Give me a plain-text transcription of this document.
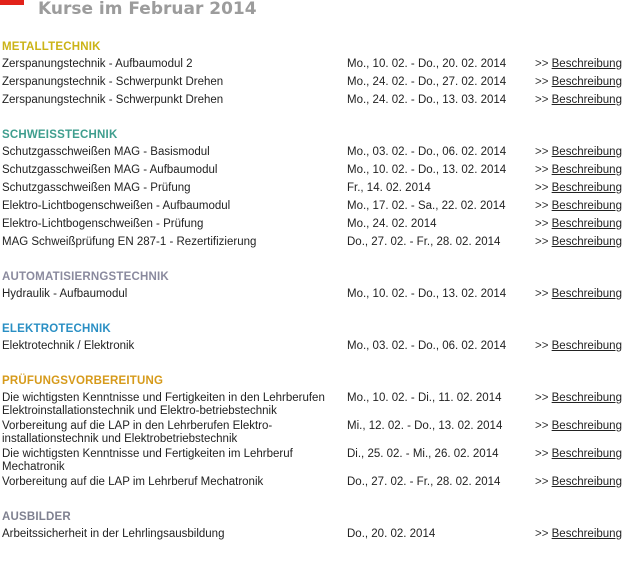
Kurse im Februar 2014
METALLTECHNIK
Zerspanungstechnik - Aufbaumodul 2	Mo., 10. 02. - Do., 20. 02. 2014	>> Beschreibung
Zerspanungstechnik - Schwerpunkt Drehen	Mo., 24. 02. - Do., 27. 02. 2014	>> Beschreibung
Zerspanungstechnik - Schwerpunkt Drehen	Mo., 24. 02. - Do., 13. 03. 2014	>> Beschreibung
SCHWEISSTECHNIK
Schutzgasschweißen MAG - Basismodul	Mo., 03. 02. - Do., 06. 02. 2014	>> Beschreibung
Schutzgasschweißen MAG - Aufbaumodul	Mo., 10. 02. - Do., 13. 02. 2014	>> Beschreibung
Schutzgasschweißen MAG - Prüfung	Fr., 14. 02. 2014	>> Beschreibung
Elektro-Lichtbogenschweißen - Aufbaumodul	Mo., 17. 02. - Sa., 22. 02. 2014	>> Beschreibung
Elektro-Lichtbogenschweißen - Prüfung	Mo., 24. 02. 2014	>> Beschreibung
MAG Schweißprüfung EN 287-1 - Rezertifizierung	Do., 27. 02. - Fr., 28. 02. 2014	>> Beschreibung
AUTOMATISIERNGSTECHNIK
Hydraulik - Aufbaumodul	Mo., 10. 02. - Do., 13. 02. 2014	>> Beschreibung
ELEKTROTECHNIK
Elektrotechnik / Elektronik	Mo., 03. 02. - Do., 06. 02. 2014	>> Beschreibung
PRÜFUNGSVORBEREITUNG
Die wichtigsten Kenntnisse und Fertigkeiten in den Lehrberufen Elektroinstallationstechnik und Elektro-betriebstechnik
Mo., 10. 02. - Di., 11. 02. 2014	>> Beschreibung
Vorbereitung auf die LAP in den Lehrberufen Elektro-installationstechnik und Elektrobetriebstechnik
Mi., 12. 02. - Do., 13. 02. 2014	>> Beschreibung
Die wichtigsten Kenntnisse und Fertigkeiten im Lehrberuf Mechatronik
Di., 25. 02. - Mi., 26. 02. 2014	>> Beschreibung
Vorbereitung auf die LAP im Lehrberuf Mechatronik	Do., 27. 02. - Fr., 28. 02. 2014	>> Beschreibung
AUSBILDER
Arbeitssicherheit in der Lehrlingsausbildung	Do., 20. 02. 2014	>> Beschreibung
